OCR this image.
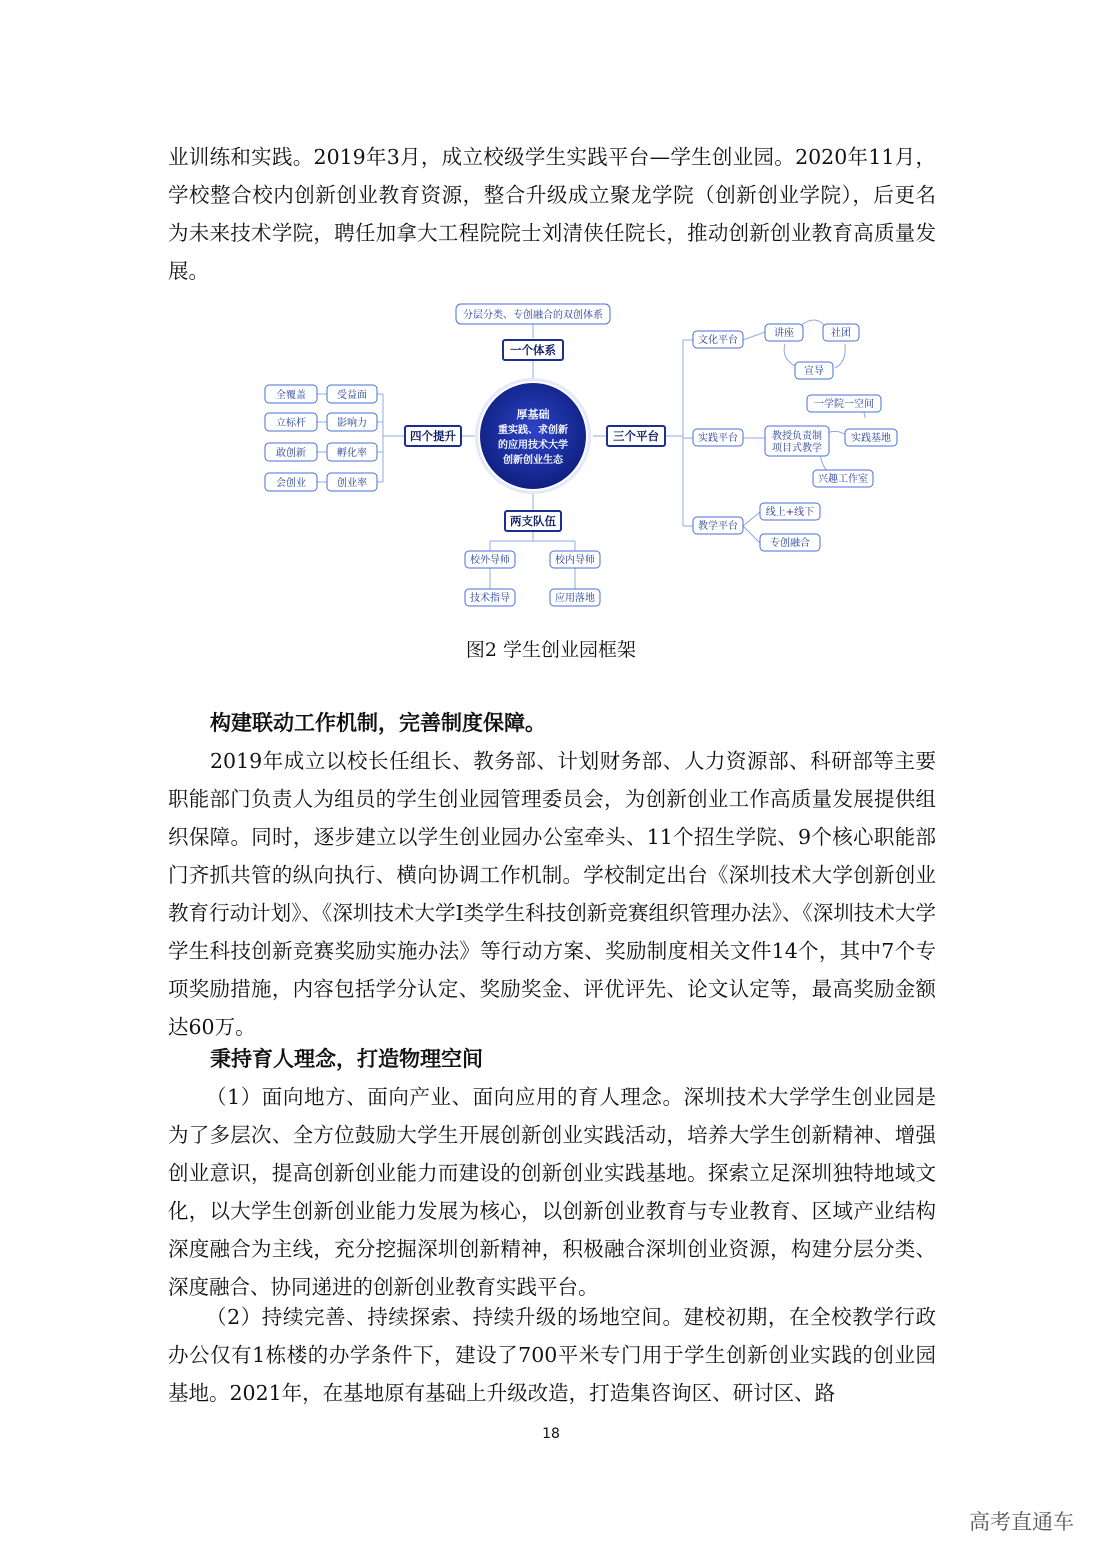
业训练和实践。2019年3月，成立校级学生实践平台—学生创业园。2020年11月，学校整合校内创新创业教育资源，整合升级成立聚龙学院（创新创业学院），后更名为未来技术学院，聘任加拿大工程院院士刘清侠任院长，推动创新创业教育高质量发展。

厚基础
重实践、求创新
的应用技术大学
创新创业生态
分层分类、专创融合的双创体系
一个体系
四个提升
受益面
影响力
孵化率
创业率
全覆盖
立标杆
敢创新
会创业
两支队伍
校外导师	校内导师
技术指导	应用落地
三个平台
文化平台
讲座	社团
宣导
实践平台
一学院一空间
教授负责制
项目式教学
实践基地
兴趣工作室
教学平台
线上+线下
专创融合
图2 学生创业园框架

构建联动工作机制，完善制度保障。

2019年成立以校长任组长、教务部、计划财务部、人力资源部、科研部等主要职能部门负责人为组员的学生创业园管理委员会，为创新创业工作高质量发展提供组织保障。同时，逐步建立以学生创业园办公室牵头、11个招生学院、9个核心职能部门齐抓共管的纵向执行、横向协调工作机制。学校制定出台《深圳技术大学创新创业教育行动计划》、《深圳技术大学I类学生科技创新竞赛组织管理办法》、《深圳技术大学学生科技创新竞赛奖励实施办法》等行动方案、奖励制度相关文件14个，其中7个专项奖励措施，内容包括学分认定、奖励奖金、评优评先、论文认定等，最高奖励金额达60万。

秉持育人理念，打造物理空间

（1）面向地方、面向产业、面向应用的育人理念。深圳技术大学学生创业园是为了多层次、全方位鼓励大学生开展创新创业实践活动，培养大学生创新精神、增强创业意识，提高创新创业能力而建设的创新创业实践基地。探索立足深圳独特地域文化，以大学生创新创业能力发展为核心，以创新创业教育与专业教育、区域产业结构深度融合为主线，充分挖掘深圳创新精神，积极融合深圳创业资源，构建分层分类、深度融合、协同递进的创新创业教育实践平台。

（2）持续完善、持续探索、持续升级的场地空间。建校初期，在全校教学行政办公仅有1栋楼的办学条件下，建设了700平米专门用于学生创新创业实践的创业园基地。2021年，在基地原有基础上升级改造，打造集咨询区、研讨区、路

18
高考直通车
